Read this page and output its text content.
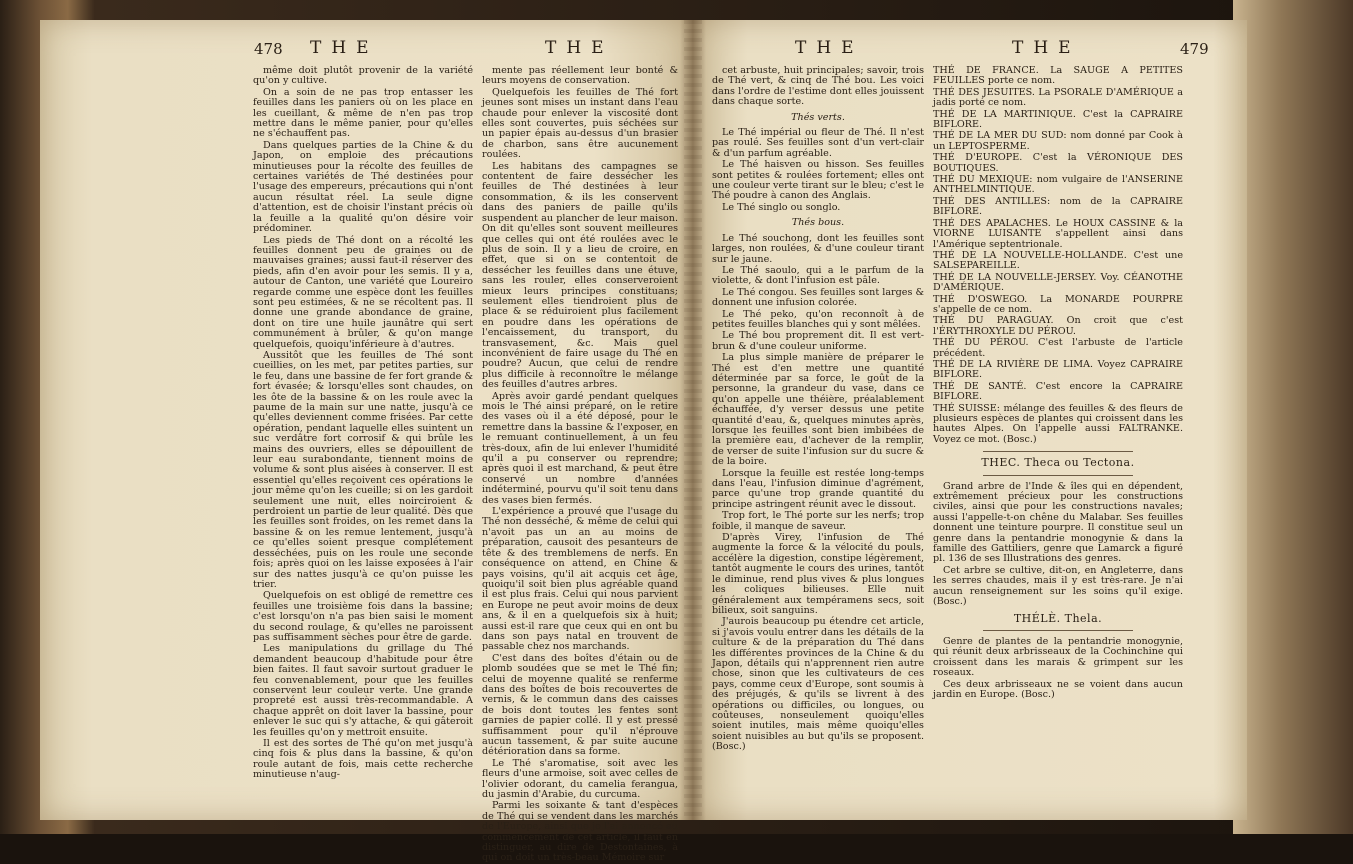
478 THE	THE	THE	THE	479

même doit plutôt provenir de la variété qu'on y cultive.

On a soin de ne pas trop entasser les feuilles dans les paniers où on les place en les cueillant, & même de n'en pas trop mettre dans le même panier, pour qu'elles ne s'échauffent pas.

Dans quelques parties de la Chine & du Japon, on emploie des précautions minutieuses pour la récolte des feuilles de certaines variétés de Thé destinées pour l'usage des empereurs, précautions qui n'ont aucun résultat réel. La seule digne d'attention, est de choisir l'instant précis où la feuille a la qualité qu'on désire voir prédominer.

Les pieds de Thé dont on a récolté les feuilles donnent peu de graines ou de mauvaises graines; aussi faut-il réserver des pieds, afin d'en avoir pour les semis. Il y a, autour de Canton, une variété que Loureiro regarde comme une espèce dont les feuilles sont peu estimées, & ne se récoltent pas. Il donne une grande abondance de graine, dont on tire une huile jaunâtre qui sert communément à brûler, & qu'on mange quelquefois, quoiqu'inférieure à d'autres.

Aussitôt que les feuilles de Thé sont cueillies, on les met, par petites parties, sur le feu, dans une bassine de fer fort grande & fort évasée; & lorsqu'elles sont chaudes, on les ôte de la bassine & on les roule avec la paume de la main sur une natte, jusqu'à ce qu'elles deviennent comme frisées. Par cette opération, pendant laquelle elles suintent un suc verdâtre fort corrosif & qui brûle les mains des ouvriers, elles se dépouillent de leur eau surabondante, tiennent moins de volume & sont plus aisées à conserver. Il est essentiel qu'elles reçoivent ces opérations le jour même qu'on les cueille; si on les gardoit seulement une nuit, elles noirciroient & perdroient un partie de leur qualité. Dès que les feuilles sont froides, on les remet dans la bassine & on les remue lentement, jusqu'à ce qu'elles soient presque complétement desséchées, puis on les roule une seconde fois; après quoi on les laisse exposées à l'air sur des nattes jusqu'à ce qu'on puisse les trier.

Quelquefois on est obligé de remettre ces feuilles une troisième fois dans la bassine; c'est lorsqu'on n'a pas bien saisi le moment du second roulage, & qu'elles ne paroissent pas suffisamment sèches pour être de garde.

Les manipulations du grillage du Thé demandent beaucoup d'habitude pour être bien faites. Il faut savoir surtout graduer le feu convenablement, pour que les feuilles conservent leur couleur verte. Une grande propreté est aussi très-recommandable. A chaque apprêt on doit laver la bassine, pour enlever le suc qui s'y attache, & qui gâteroit les feuilles qu'on y mettroit ensuite.

Il est des sortes de Thé qu'on met jusqu'à cinq fois & plus dans la bassine, & qu'on roule autant de fois, mais cette recherche minutieuse n'aug-

mente pas réellement leur bonté & leurs moyens de conservation.

Quelquefois les feuilles de Thé fort jeunes sont mises un instant dans l'eau chaude pour enlever la viscosité dont elles sont couvertes, puis séchées sur un papier épais au-dessus d'un brasier de charbon, sans être aucunement roulées.

Les habitans des campagnes se contentent de faire dessécher les feuilles de Thé destinées à leur consommation, & ils les conservent dans des paniers de paille qu'ils suspendent au plancher de leur maison. On dit qu'elles sont souvent meilleures que celles qui ont été roulées avec le plus de soin. Il y a lieu de croire, en effet, que si on se contentoit de dessécher les feuilles dans une étuve, sans les rouler, elles conserveroient mieux leurs principes constituans; seulement elles tiendroient plus de place & se réduiroient plus facilement en poudre dans les opérations de l'encaissement, du transport, du transvasement, &c. Mais quel inconvénient de faire usage du Thé en poudre? Aucun, que celui de rendre plus difficile à reconnoître le mélange des feuilles d'autres arbres.

Après avoir gardé pendant quelques mois le Thé ainsi préparé, on le retire des vases où il a été déposé, pour le remettre dans la bassine & l'exposer, en le remuant continuellement, à un feu très-doux, afin de lui enlever l'humidité qu'il a pu conserver ou reprendre; après quoi il est marchand, & peut être conservé un nombre d'années indéterminé, pourvu qu'il soit tenu dans des vases bien fermés.

L'expérience a prouvé que l'usage du Thé non desséché, & même de celui qui n'avoit pas un an au moins de préparation, causoit des pesanteurs de tête & des tremblemens de nerfs. En conséquence on attend, en Chine & pays voisins, qu'il ait acquis cet âge, quoiqu'il soit bien plus agréable quand il est plus frais. Celui qui nous parvient en Europe ne peut avoir moins de deux ans, & il en a quelquefois six à huit; aussi est-il rare que ceux qui en ont bu dans son pays natal en trouvent de passable chez nos marchands.

C'est dans des boîtes d'étain ou de plomb soudées que se met le Thé fin; celui de moyenne qualité se renferme dans des boîtes de bois recouvertes de vernis, & le commun dans des caisses de bois dont toutes les fentes sont garnies de papier collé. Il y est pressé suffisamment pour qu'il n'éprouve aucun tassement, & par suite aucune détérioration dans sa forme.

Le Thé s'aromatise, soit avec les fleurs d'une armoise, soit avec celles de l'olivier odorant, du camelia ferangua, du jasmin d'Arabie, du curcuma.

Parmi les soixante & tant d'espèces de Thé qui se vendent dans les marchés de l'Europe, ainsi que je l'ai annoncé au commencement de cet article, il faut en distinguer, au dire de Destontaines, à qui on doit un très-beau Mémoire sur

cet arbuste, huit principales; savoir, trois de Thé vert, & cinq de Thé bou. Les voici dans l'ordre de l'estime dont elles jouissent dans chaque sorte.

Thés verts.

Le Thé impérial ou fleur de Thé. Il n'est pas roulé. Ses feuilles sont d'un vert-clair & d'un parfum agréable.

Le Thé haisven ou hisson. Ses feuilles sont petites & roulées fortement; elles ont une couleur verte tirant sur le bleu; c'est le Thé poudre à canon des Anglais.

Le Thé singlo ou songlo.

Thés bous.

Le Thé souchong, dont les feuilles sont larges, non roulées, & d'une couleur tirant sur le jaune.

Le Thé saoulo, qui a le parfum de la violette, & dont l'infusion est pâle.

Le Thé congou. Ses feuilles sont larges & donnent une infusion colorée.

Le Thé peko, qu'on reconnoît à de petites feuilles blanches qui y sont mêlées.

Le Thé bou proprement dit. Il est vert-brun & d'une couleur uniforme.

La plus simple manière de préparer le Thé est d'en mettre une quantité déterminée par sa force, le goût de la personne, la grandeur du vase, dans ce qu'on appelle une théière, préalablement échauffée, d'y verser dessus une petite quantité d'eau, &, quelques minutes après, lorsque les feuilles sont bien imbibées de la première eau, d'achever de la remplir, de verser de suite l'infusion sur du sucre & de la boire.

Lorsque la feuille est restée long-temps dans l'eau, l'infusion diminue d'agrément, parce qu'une trop grande quantité du principe astringent réunit avec le dissout.

Trop fort, le Thé porte sur les nerfs; trop foible, il manque de saveur.

D'après Virey, l'infusion de Thé augmente la force & la vélocité du pouls, accélère la digestion, constipe légèrement, tantôt augmente le cours des urines, tantôt le diminue, rend plus vives & plus longues les coliques bilieuses. Elle nuit généralement aux tempéramens secs, soit bilieux, soit sanguins.

J'aurois beaucoup pu étendre cet article, si j'avois voulu entrer dans les détails de la culture & de la préparation du Thé dans les différentes provinces de la Chine & du Japon, détails qui n'apprennent rien autre chose, sinon que les cultivateurs de ces pays, comme ceux d'Europe, sont soumis à des préjugés, & qu'ils se livrent à des opérations ou difficiles, ou longues, ou coûteuses, nonseulement quoiqu'elles soient inutiles, mais même quoiqu'elles soient nuisibles au but qu'ils se proposent. (Bosc.)

THÉ DE FRANCE. La SAUGE A PETITES FEUILLES porte ce nom.

THÉ DES JESUITES. La PSORALE D'AMÉRIQUE a jadis porté ce nom.

THÉ DE LA MARTINIQUE. C'est la CAPRAIRE BIFLORE.

THÉ DE LA MER DU SUD: nom donné par Cook à un LEPTOSPERME.

THÉ D'EUROPE. C'est la VÉRONIQUE DES BOUTIQUES.

THÉ DU MEXIQUE: nom vulgaire de l'ANSERINE ANTHELMINTIQUE.

THÉ DES ANTILLES: nom de la CAPRAIRE BIFLORE.

THÉ DES APALACHES. Le HOUX CASSINE & la VIORNE LUISANTE s'appellent ainsi dans l'Amérique septentrionale.

THÉ DE LA NOUVELLE-HOLLANDE. C'est une SALSEPAREILLE.

THÉ DE LA NOUVELLE-JERSEY. Voy. CÉANOTHE D'AMÉRIQUE.

THÉ D'OSWEGO. La MONARDE POURPRE s'appelle de ce nom.

THÉ DU PARAGUAY. On croit que c'est l'ÉRYTHROXYLE DU PÉROU.

THÉ DU PÉROU. C'est l'arbuste de l'article précédent.

THÉ DE LA RIVIÈRE DE LIMA. Voyez CAPRAIRE BIFLORE.

THÉ DE SANTÉ. C'est encore la CAPRAIRE BIFLORE.

THÉ SUISSE: mélange des feuilles & des fleurs de plusieurs espèces de plantes qui croissent dans les hautes Alpes. On l'appelle aussi FALTRANKE. Voyez ce mot. (Bosc.)

THEC. Theca ou Tectona.

Grand arbre de l'Inde & îles qui en dépendent, extrêmement précieux pour les constructions civiles, ainsi que pour les constructions navales; aussi l'appelle-t-on chêne du Malabar. Ses feuilles donnent une teinture pourpre. Il constitue seul un genre dans la pentandrie monogynie & dans la famille des Gattiliers, genre que Lamarck a figuré pl. 136 de ses Illustrations des genres.

Cet arbre se cultive, dit-on, en Angleterre, dans les serres chaudes, mais il y est très-rare. Je n'ai aucun renseignement sur les soins qu'il exige. (Bosc.)

THÉLÈ. Thela.

Genre de plantes de la pentandrie monogynie, qui réunit deux arbrisseaux de la Cochinchine qui croissent dans les marais & grimpent sur les roseaux.

Ces deux arbrisseaux ne se voient dans aucun jardin en Europe. (Bosc.)
